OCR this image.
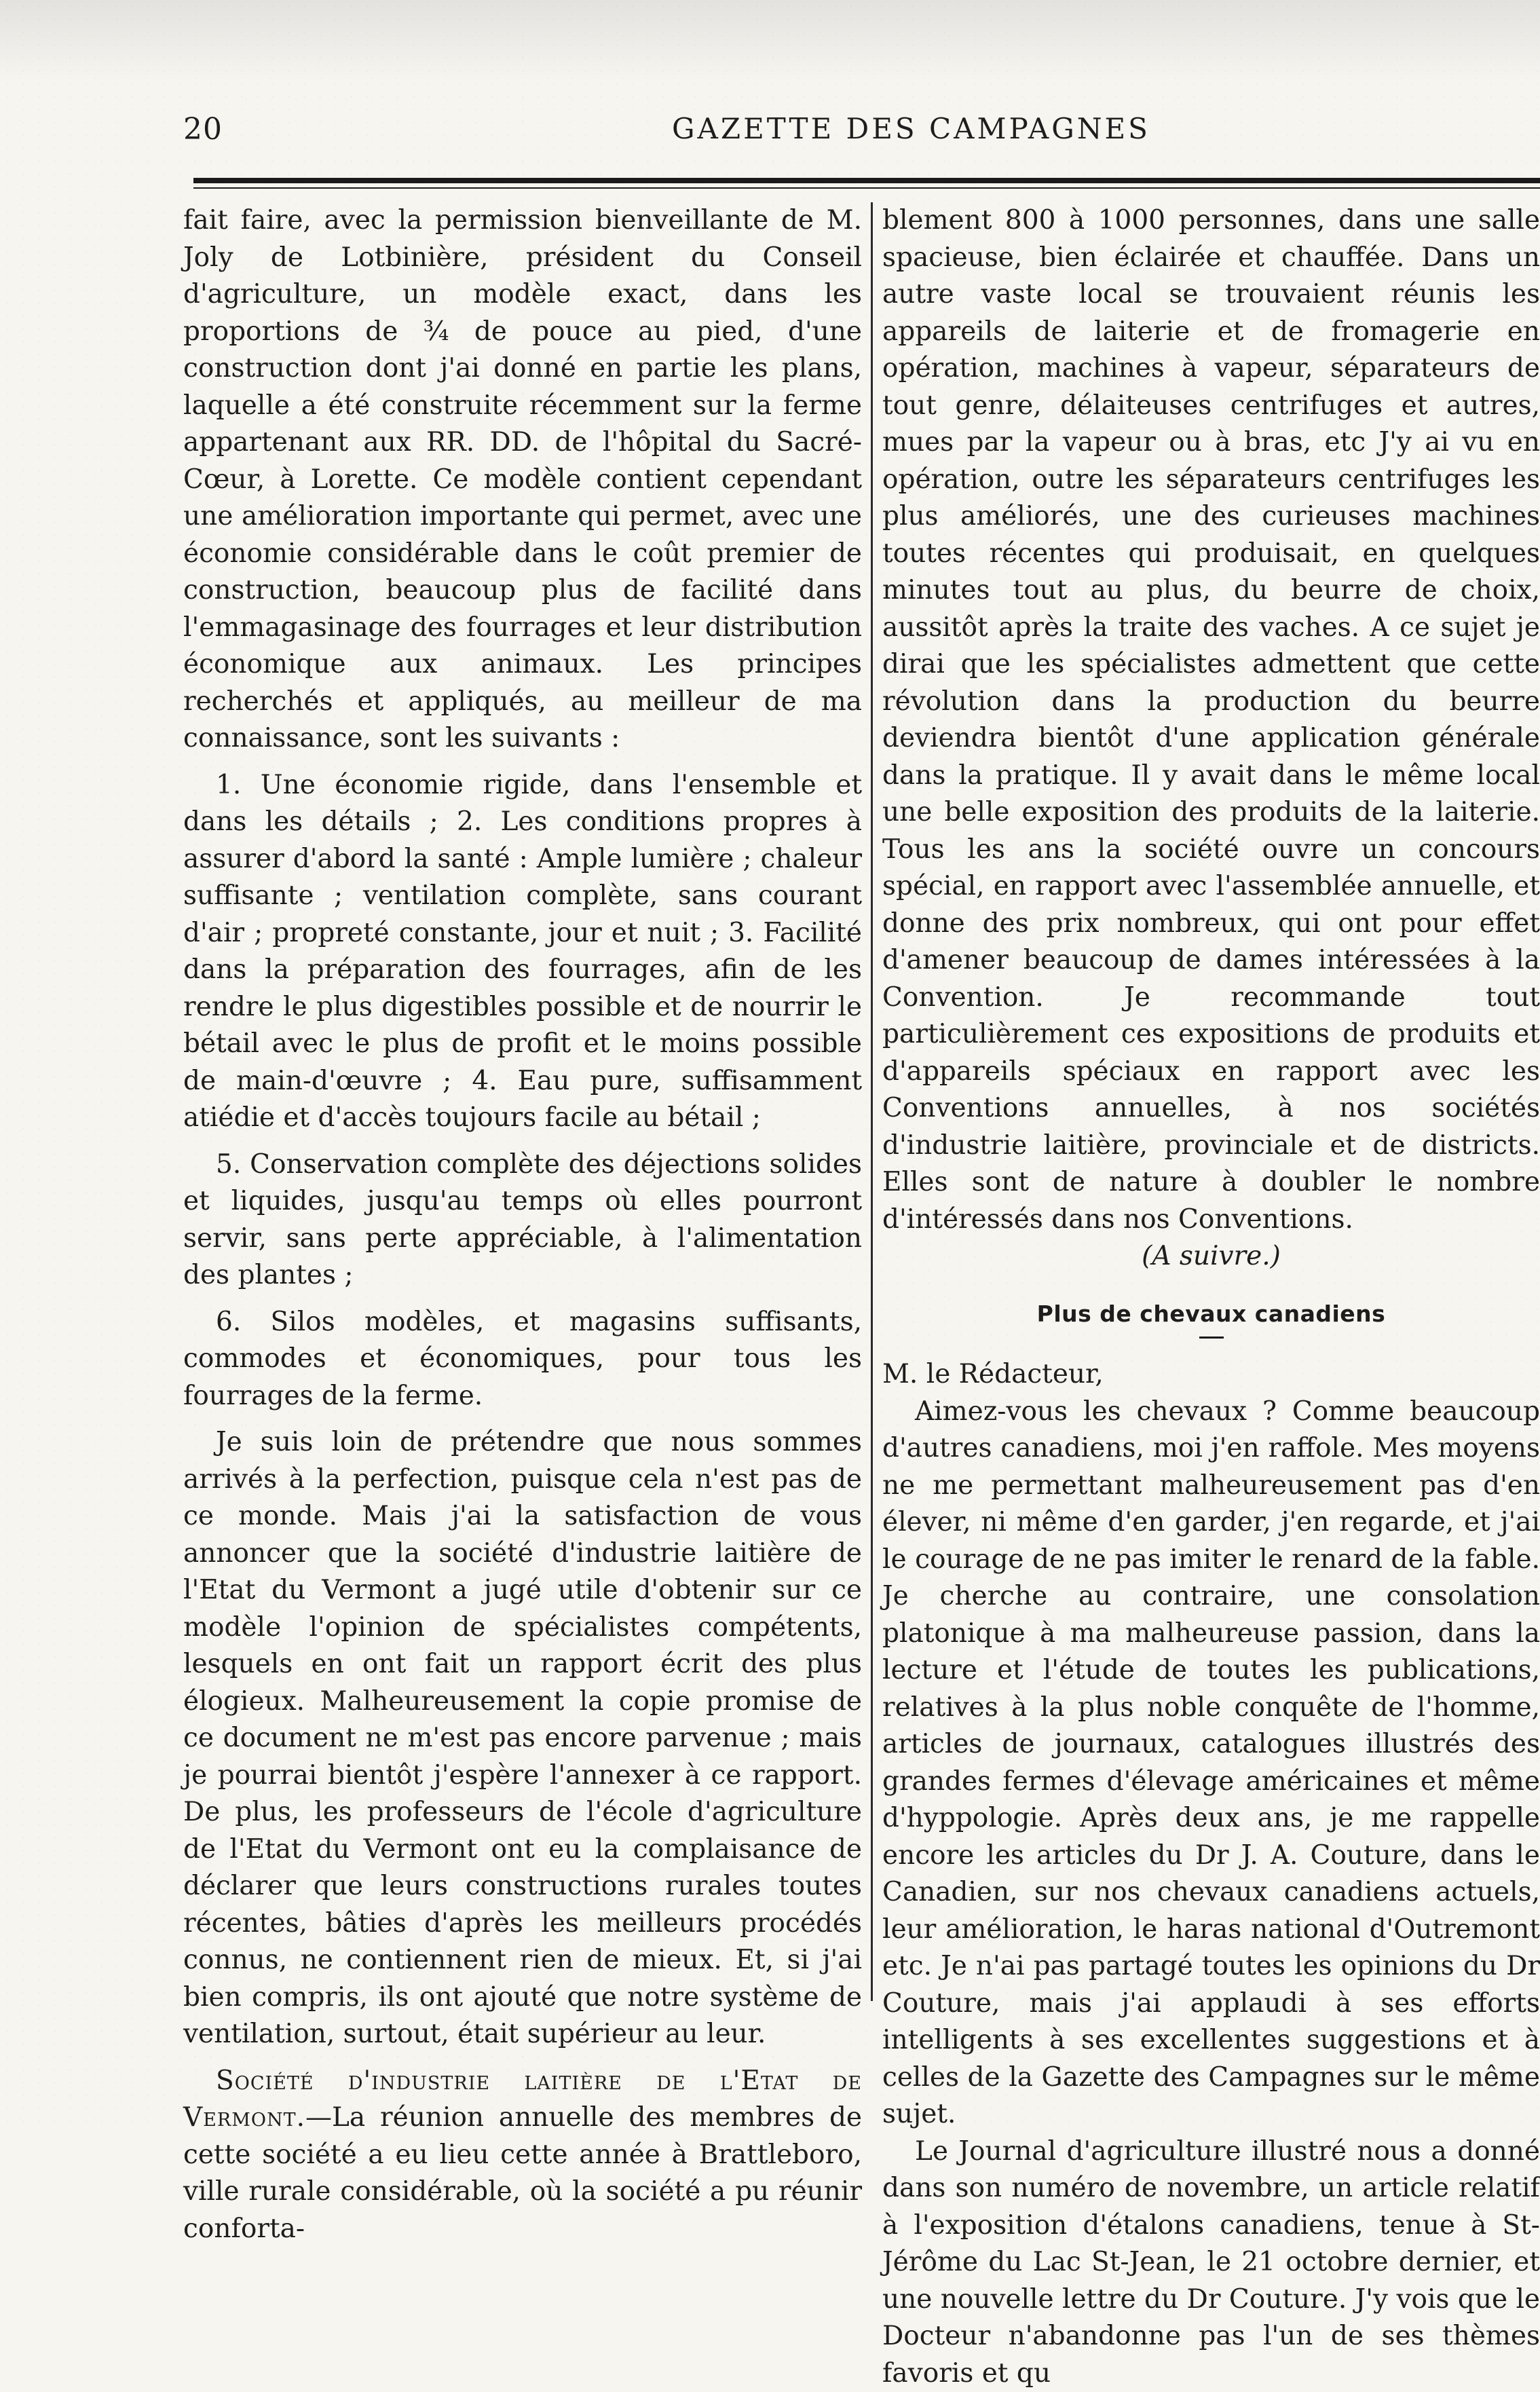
20	GAZETTE DES CAMPAGNES

fait faire, avec la permission bienveillante de M. Joly de Lotbinière, président du Conseil d'agriculture, un modèle exact, dans les proportions de ¾ de pouce au pied, d'une construction dont j'ai donné en partie les plans, laquelle a été construite récemment sur la ferme appartenant aux RR. DD. de l'hôpital du Sacré-Cœur, à Lorette. Ce modèle contient cependant une amélioration importante qui permet, avec une économie considérable dans le coût premier de construction, beaucoup plus de facilité dans l'emmagasinage des fourrages et leur distribution économique aux animaux. Les principes recherchés et appliqués, au meilleur de ma connaissance, sont les suivants :

1. Une économie rigide, dans l'ensemble et dans les détails ; 2. Les conditions propres à assurer d'abord la santé : Ample lumière ; chaleur suffisante ; ventilation complète, sans courant d'air ; propreté constante, jour et nuit ; 3. Facilité dans la préparation des fourrages, afin de les rendre le plus digestibles possible et de nourrir le bétail avec le plus de profit et le moins possible de main-d'œuvre ; 4. Eau pure, suffisamment atiédie et d'accès toujours facile au bétail ;

5. Conservation complète des déjections solides et liquides, jusqu'au temps où elles pourront servir, sans perte appréciable, à l'alimentation des plantes ;

6. Silos modèles, et magasins suffisants, commodes et économiques, pour tous les fourrages de la ferme.

Je suis loin de prétendre que nous sommes arrivés à la perfection, puisque cela n'est pas de ce monde. Mais j'ai la satisfaction de vous annoncer que la société d'industrie laitière de l'Etat du Vermont a jugé utile d'obtenir sur ce modèle l'opinion de spécialistes compétents, lesquels en ont fait un rapport écrit des plus élogieux. Malheureusement la copie promise de ce document ne m'est pas encore parvenue ; mais je pourrai bientôt j'espère l'annexer à ce rapport. De plus, les professeurs de l'école d'agriculture de l'Etat du Vermont ont eu la complaisance de déclarer que leurs constructions rurales toutes récentes, bâties d'après les meilleurs procédés connus, ne contiennent rien de mieux. Et, si j'ai bien compris, ils ont ajouté que notre système de ventilation, surtout, était supérieur au leur.

Société d'industrie laitière de l'Etat de Vermont.—La réunion annuelle des membres de cette société a eu lieu cette année à Brattleboro, ville rurale considérable, où la société a pu réunir conforta-

blement 800 à 1000 personnes, dans une salle spacieuse, bien éclairée et chauffée. Dans un autre vaste local se trouvaient réunis les appareils de laiterie et de fromagerie en opération, machines à vapeur, séparateurs de tout genre, délaiteuses centrifuges et autres, mues par la vapeur ou à bras, etc J'y ai vu en opération, outre les séparateurs centrifuges les plus améliorés, une des curieuses machines toutes récentes qui produisait, en quelques minutes tout au plus, du beurre de choix, aussitôt après la traite des vaches. A ce sujet je dirai que les spécialistes admettent que cette révolution dans la production du beurre deviendra bientôt d'une application générale dans la pratique. Il y avait dans le même local une belle exposition des produits de la laiterie. Tous les ans la société ouvre un concours spécial, en rapport avec l'assemblée annuelle, et donne des prix nombreux, qui ont pour effet d'amener beaucoup de dames intéressées à la Convention. Je recommande tout particulièrement ces expositions de produits et d'appareils spéciaux en rapport avec les Conventions annuelles, à nos sociétés d'industrie laitière, provinciale et de districts. Elles sont de nature à doubler le nombre d'intéressés dans nos Conventions.

(A suivre.)
Plus de chevaux canadiens

M. le Rédacteur,

Aimez-vous les chevaux ? Comme beaucoup d'autres canadiens, moi j'en raffole. Mes moyens ne me permettant malheureusement pas d'en élever, ni même d'en garder, j'en regarde, et j'ai le courage de ne pas imiter le renard de la fable. Je cherche au contraire, une consolation platonique à ma malheureuse passion, dans la lecture et l'étude de toutes les publications, relatives à la plus noble conquête de l'homme, articles de journaux, catalogues illustrés des grandes fermes d'élevage américaines et même d'hyppologie. Après deux ans, je me rappelle encore les articles du Dr J. A. Couture, dans le Canadien, sur nos chevaux canadiens actuels, leur amélioration, le haras national d'Outremont etc. Je n'ai pas partagé toutes les opinions du Dr Couture, mais j'ai applaudi à ses efforts intelligents à ses excellentes suggestions et à celles de la Gazette des Campagnes sur le même sujet.

Le Journal d'agriculture illustré nous a donné dans son numéro de novembre, un article relatif à l'exposition d'étalons canadiens, tenue à St-Jérôme du Lac St-Jean, le 21 octobre dernier, et une nouvelle lettre du Dr Couture. J'y vois que le Docteur n'abandonne pas l'un de ses thèmes favoris et qu
